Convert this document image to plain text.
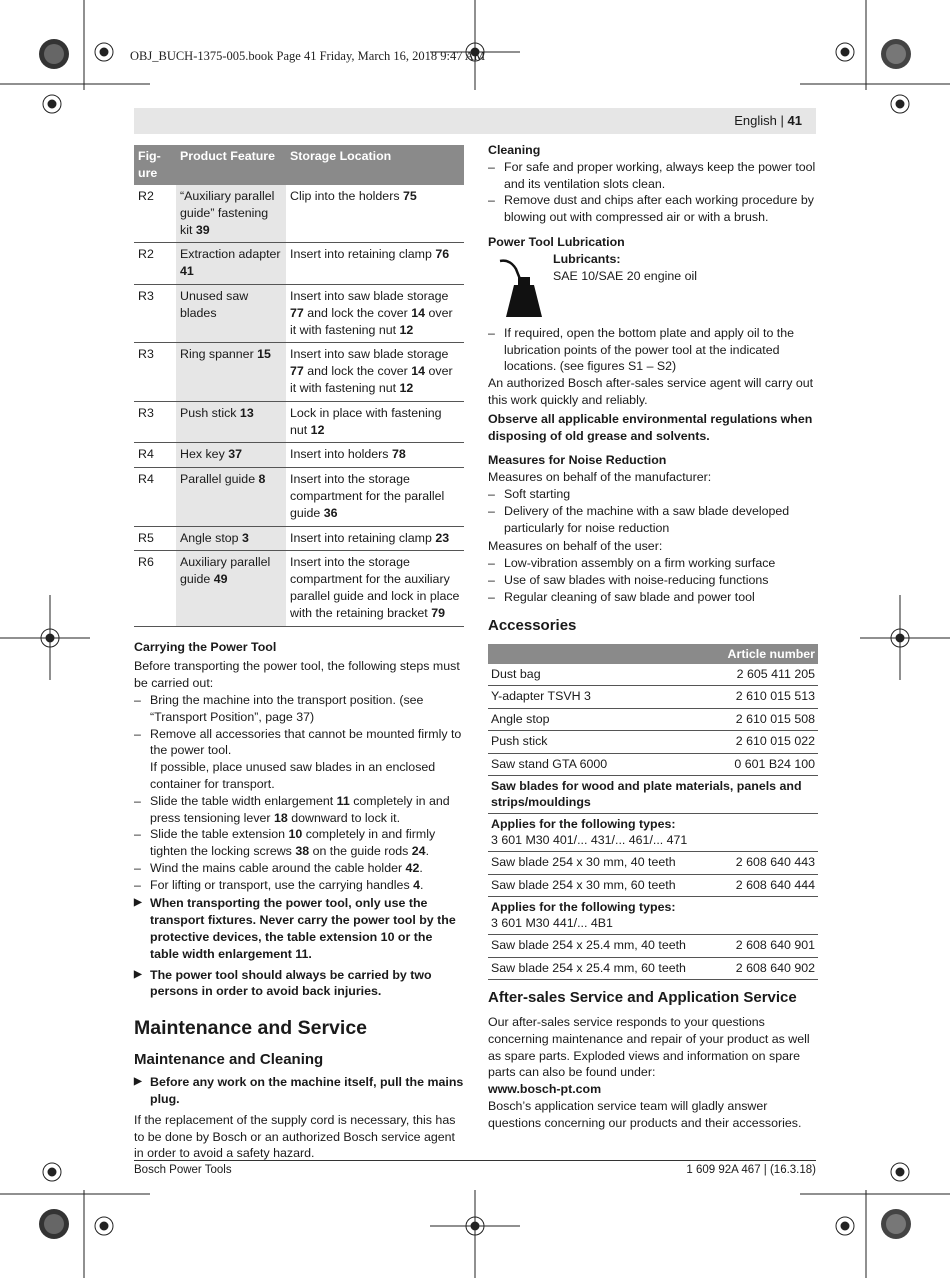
OBJ_BUCH-1375-005.book Page 41 Friday, March 16, 2018 9:47 AM
English | 41
Fig-
ure	Product Feature	Storage Location
R2	“Auxiliary parallel guide” fastening kit 39	Clip into the holders 75
R2	Extraction adapter 41	Insert into retaining clamp 76
R3	Unused saw blades	Insert into saw blade storage 77 and lock the cover 14 over it with fastening nut 12
R3	Ring spanner 15	Insert into saw blade storage 77 and lock the cover 14 over it with fastening nut 12
R3	Push stick 13	Lock in place with fastening nut 12
R4	Hex key 37	Insert into holders 78
R4	Parallel guide 8	Insert into the storage compartment for the parallel guide 36
R5	Angle stop 3	Insert into retaining clamp 23
R6	Auxiliary parallel guide 49	Insert into the storage compartment for the auxiliary parallel guide and lock in place with the retaining bracket 79

Carrying the Power Tool

Before transporting the power tool, the following steps must be carried out:

– Bring the machine into the transport position. (see “Transport Position”, page 37)
– Remove all accessories that cannot be mounted firmly to the power tool.
If possible, place unused saw blades in an enclosed container for transport.
– Slide the table width enlargement 11 completely in and press tensioning lever 18 downward to lock it.
– Slide the table extension 10 completely in and firmly tighten the locking screws 38 on the guide rods 24.
– Wind the mains cable around the cable holder 42.
– For lifting or transport, use the carrying handles 4.
▶ When transporting the power tool, only use the transport fixtures. Never carry the power tool by the protective devices, the table extension 10 or the table width enlargement 11.
▶ The power tool should always be carried by two persons in order to avoid back injuries.

Maintenance and Service

Maintenance and Cleaning

▶ Before any work on the machine itself, pull the mains plug.

If the replacement of the supply cord is necessary, this has to be done by Bosch or an authorized Bosch service agent in order to avoid a safety hazard.

Cleaning

– For safe and proper working, always keep the power tool and its ventilation slots clean.
– Remove dust and chips after each working procedure by blowing out with compressed air or with a brush.

Power Tool Lubrication

Lubricants:

SAE 10/SAE 20 engine oil

– If required, open the bottom plate and apply oil to the lubrication points of the power tool at the indicated locations. (see figures S1 – S2)

An authorized Bosch after-sales service agent will carry out this work quickly and reliably.

Observe all applicable environmental regulations when disposing of old grease and solvents.

Measures for Noise Reduction

Measures on behalf of the manufacturer:

– Soft starting
– Delivery of the machine with a saw blade developed particularly for noise reduction

Measures on behalf of the user:

– Low-vibration assembly on a firm working surface
– Use of saw blades with noise-reducing functions
– Regular cleaning of saw blade and power tool

Accessories

Article number	
Dust bag	2 605 411 205
Y-adapter TSVH 3	2 610 015 513
Angle stop	2 610 015 508
Push stick	2 610 015 022
Saw stand GTA 6000	0 601 B24 100
Saw blades for wood and plate materials, panels and strips/mouldings	
Applies for the following types:
3 601 M30 401/... 431/... 461/... 471	
Saw blade 254 x 30 mm, 40 teeth	2 608 640 443
Saw blade 254 x 30 mm, 60 teeth	2 608 640 444
Applies for the following types:
3 601 M30 441/... 4B1	
Saw blade 254 x 25.4 mm, 40 teeth	2 608 640 901
Saw blade 254 x 25.4 mm, 60 teeth	2 608 640 902

After-sales Service and Application Service

Our after-sales service responds to your questions concerning maintenance and repair of your product as well as spare parts. Exploded views and information on spare parts can also be found under:

www.bosch-pt.com

Bosch’s application service team will gladly answer questions concerning our products and their accessories.

Bosch Power Tools	1 609 92A 467 | (16.3.18)
